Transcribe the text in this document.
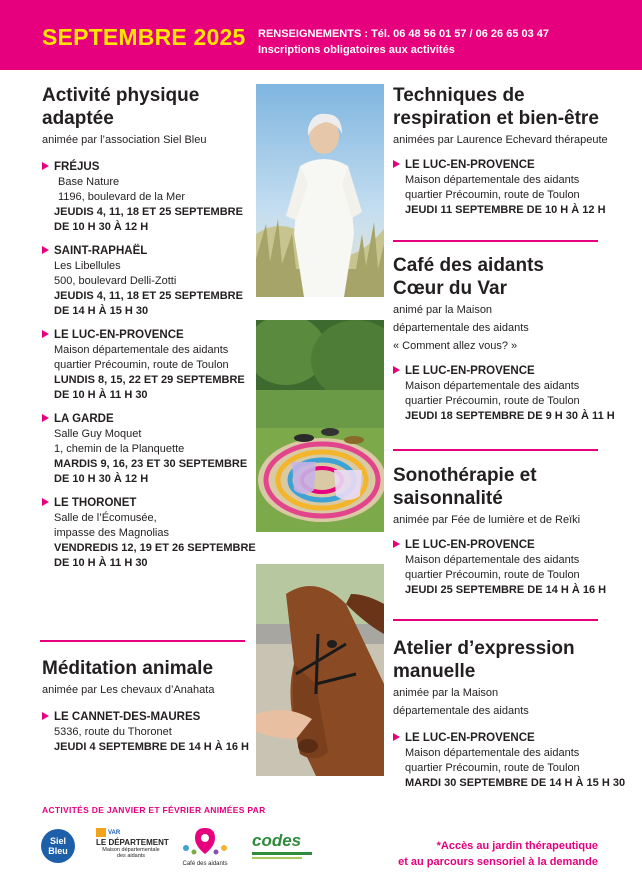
SEPTEMBRE 2025 RENSEIGNEMENTS : Tél. 06 48 56 01 57 / 06 26 65 03 47
Inscriptions obligatoires aux activités
Activité physique
adaptée
animée par l’association Siel Bleu
FRÉJUS
Base Nature
1196, boulevard de la Mer
JEUDIS 4, 11, 18 ET 25 SEPTEMBRE
DE 10 H 30 À 12 H
SAINT-RAPHAËL
Les Libellules
500, boulevard Delli-Zotti
JEUDIS 4, 11, 18 ET 25 SEPTEMBRE
DE 14 H À 15 H 30
LE LUC-EN-PROVENCE
Maison départementale des aidants
quartier Précoumin, route de Toulon
LUNDIS 8, 15, 22 ET 29 SEPTEMBRE
DE 10 H À 11 H 30
LA GARDE
Salle Guy Moquet
1, chemin de la Planquette
MARDIS 9, 16, 23 ET 30 SEPTEMBRE
DE 10 H 30 À 12 H
LE THORONET
Salle de l’Écomusée,
impasse des Magnolias
VENDREDIS 12, 19 ET 26 SEPTEMBRE
DE 10 H À 11 H 30
Méditation animale
animée par Les chevaux d’Anahata
LE CANNET-DES-MAURES
5336, route du Thoronet
JEUDI 4 SEPTEMBRE DE 14 H À 16 H
Techniques de
respiration et bien-être
animées par Laurence Echevard thérapeute
LE LUC-EN-PROVENCE
Maison départementale des aidants
quartier Précoumin, route de Toulon
JEUDI 11 SEPTEMBRE DE 10 H À 12 H
Café des aidants
Cœur du Var
animé par la Maison
départementale des aidants
« Comment allez vous? »
LE LUC-EN-PROVENCE
Maison départementale des aidants
quartier Précoumin, route de Toulon
JEUDI 18 SEPTEMBRE DE 9 H 30 À 11 H
Sonothérapie et
saisonnalité
animée par Fée de lumière et de Reïki
LE LUC-EN-PROVENCE
Maison départementale des aidants
quartier Précoumin, route de Toulon
JEUDI 25 SEPTEMBRE DE 14 H À 16 H
Atelier d’expression
manuelle
animée par la Maison
départementale des aidants
LE LUC-EN-PROVENCE
Maison départementale des aidants
quartier Précoumin, route de Toulon
MARDI 30 SEPTEMBRE DE 14 H À 15 H 30
ACTIVITÉS DE JANVIER ET FÉVRIER ANIMÉES PAR
Siel
Bleu
VAR
LE DÉPARTEMENT
Maison départementale
des aidants
Café des aidants
codes	*Accès au jardin thérapeutique
et au parcours sensoriel à la demande
